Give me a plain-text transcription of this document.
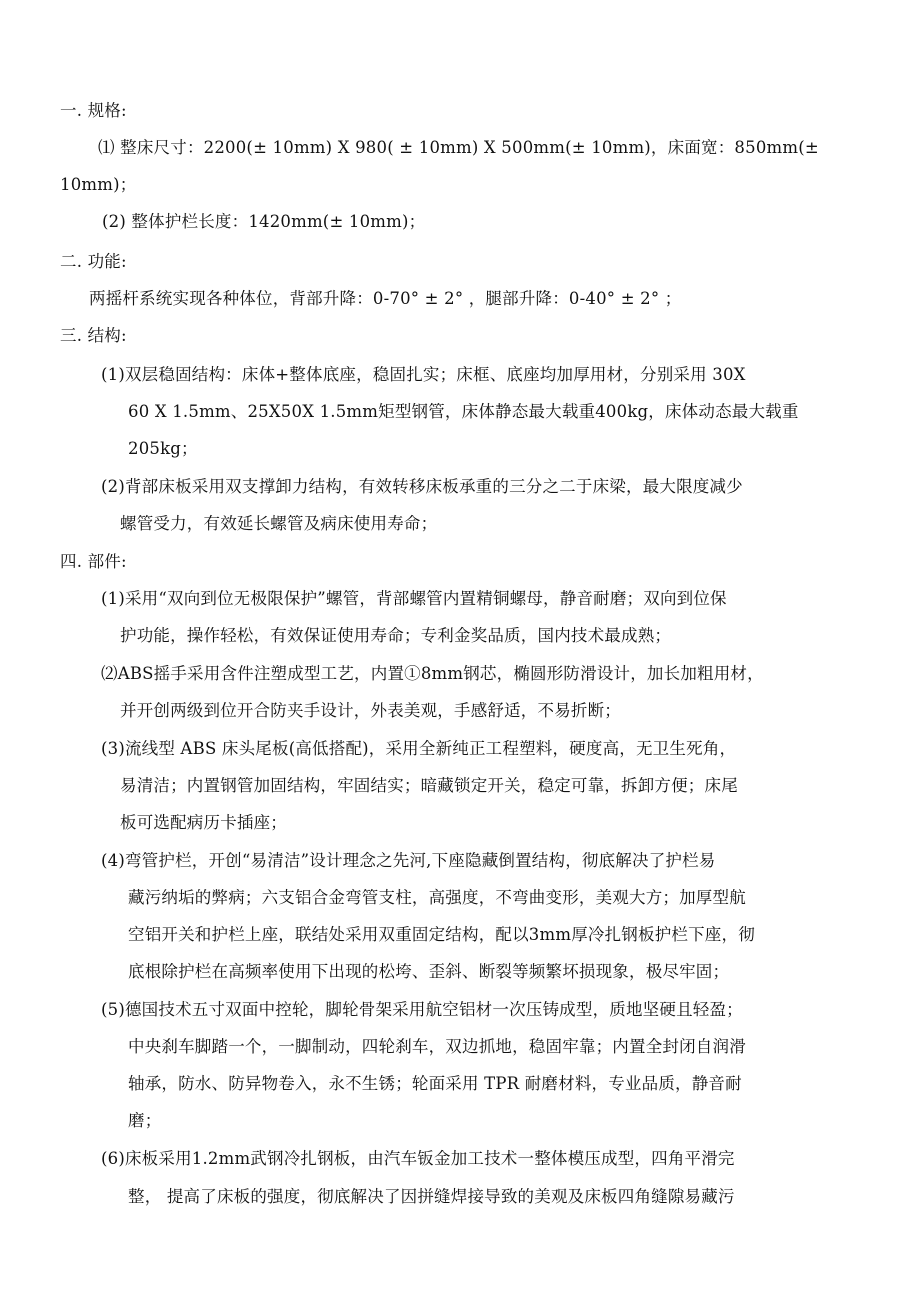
一. 规格:
⑴ 整床尺寸：2200(± 10mm) X 980( ± 10mm) X 500mm(± 10mm)，床面宽：850mm(±
10mm)；
(2) 整体护栏长度：1420mm(± 10mm)；
二. 功能:
两摇杆系统实现各种体位，背部升降：0-70° ± 2° ，腿部升降：0-40° ± 2° ；
三. 结构:
(1)双层稳固结构：床体+整体底座，稳固扎实；床框、底座均加厚用材，分别采用 30X
60 X 1.5mm、25X50X 1.5mm矩型钢管，床体静态最大载重400kg，床体动态最大载重
205kg；
(2)背部床板采用双支撑卸力结构，有效转移床板承重的三分之二于床梁，最大限度减少
螺管受力，有效延长螺管及病床使用寿命；
四. 部件:
(1)采用“双向到位无极限保护”螺管，背部螺管内置精铜螺母，静音耐磨；双向到位保
护功能，操作轻松，有效保证使用寿命；专利金奖品质，国内技术最成熟；
⑵ABS摇手采用含件注塑成型工艺，内置①8mm钢芯，椭圆形防滑设计，加长加粗用材，
并开创两级到位开合防夹手设计，外表美观，手感舒适，不易折断；
(3)流线型 ABS 床头尾板(高低搭配)，采用全新纯正工程塑料，硬度高，无卫生死角，
易清洁；内置钢管加固结构，牢固结实；暗藏锁定开关，稳定可靠，拆卸方便；床尾
板可选配病历卡插座；
(4)弯管护栏，开创“易清洁”设计理念之先河,下座隐藏倒置结构，彻底解决了护栏易
藏污纳垢的弊病；六支铝合金弯管支柱，高强度，不弯曲变形，美观大方；加厚型航
空铝开关和护栏上座，联结处采用双重固定结构，配以3mm厚冷扎钢板护栏下座，彻
底根除护栏在高频率使用下出现的松垮、歪斜、断裂等频繁坏损现象，极尽牢固；
(5)德国技术五寸双面中控轮，脚轮骨架采用航空铝材一次压铸成型，质地坚硬且轻盈；
中央刹车脚踏一个，一脚制动，四轮刹车，双边抓地，稳固牢靠；内置全封闭自润滑
轴承，防水、防异物卷入，永不生锈；轮面采用 TPR 耐磨材料，专业品质，静音耐
磨；
(6)床板采用1.2mm武钢冷扎钢板，由汽车钣金加工技术一整体模压成型，四角平滑完
整， 提高了床板的强度，彻底解决了因拼缝焊接导致的美观及床板四角缝隙易藏污
